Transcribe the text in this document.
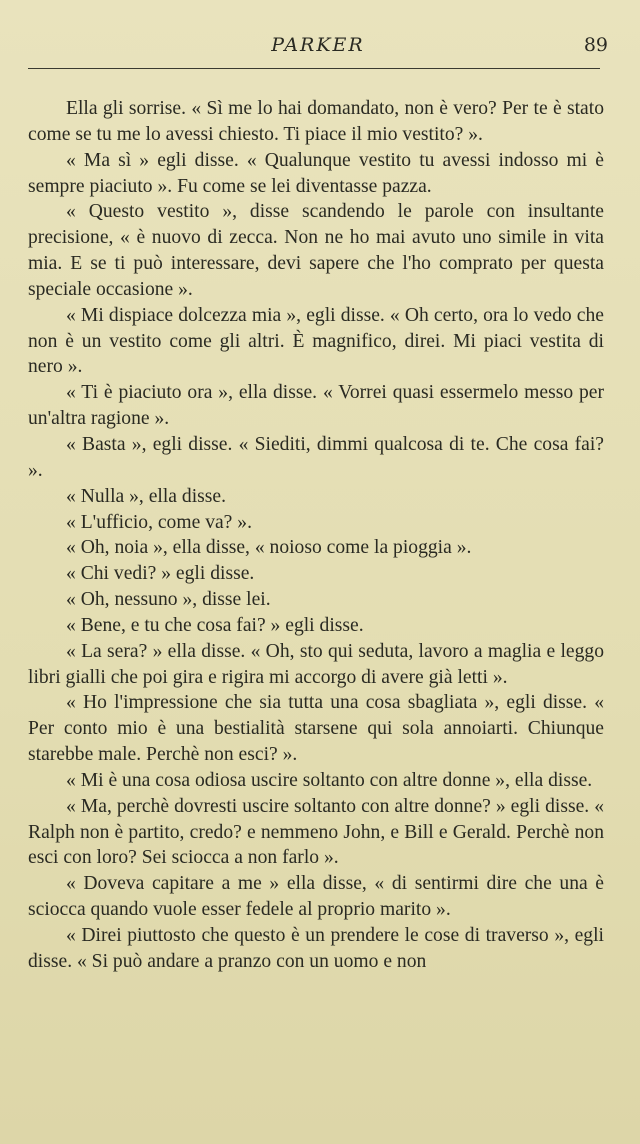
PARKER	89

Ella gli sorrise. « Sì me lo hai domandato, non è vero? Per te è stato come se tu me lo avessi chiesto. Ti piace il mio vestito? ».

« Ma sì » egli disse. « Qualunque vestito tu avessi indosso mi è sempre piaciuto ». Fu come se lei diventasse pazza.

« Questo vestito », disse scandendo le parole con insultante precisione, « è nuovo di zecca. Non ne ho mai avuto uno simile in vita mia. E se ti può interessare, devi sapere che l'ho comprato per questa speciale occasione ».

« Mi dispiace dolcezza mia », egli disse. « Oh certo, ora lo vedo che non è un vestito come gli altri. È magnifico, direi. Mi piaci vestita di nero ».

« Ti è piaciuto ora », ella disse. « Vorrei quasi essermelo messo per un'altra ragione ».

« Basta », egli disse. « Siediti, dimmi qualcosa di te. Che cosa fai? ».

« Nulla », ella disse.

« L'ufficio, come va? ».

« Oh, noia », ella disse, « noioso come la pioggia ».

« Chi vedi? » egli disse.

« Oh, nessuno », disse lei.

« Bene, e tu che cosa fai? » egli disse.

« La sera? » ella disse. « Oh, sto qui seduta, lavoro a maglia e leggo libri gialli che poi gira e rigira mi accorgo di avere già letti ».

« Ho l'impressione che sia tutta una cosa sbagliata », egli disse. « Per conto mio è una bestialità starsene qui sola annoiarti. Chiunque starebbe male. Perchè non esci? ».

« Mi è una cosa odiosa uscire soltanto con altre donne », ella disse.

« Ma, perchè dovresti uscire soltanto con altre donne? » egli disse. « Ralph non è partito, credo? e nemmeno John, e Bill e Gerald. Perchè non esci con loro? Sei sciocca a non farlo ».

« Doveva capitare a me » ella disse, « di sentirmi dire che una è sciocca quando vuole esser fedele al proprio marito ».

« Direi piuttosto che questo è un prendere le cose di traverso », egli disse. « Si può andare a pranzo con un uomo e non
